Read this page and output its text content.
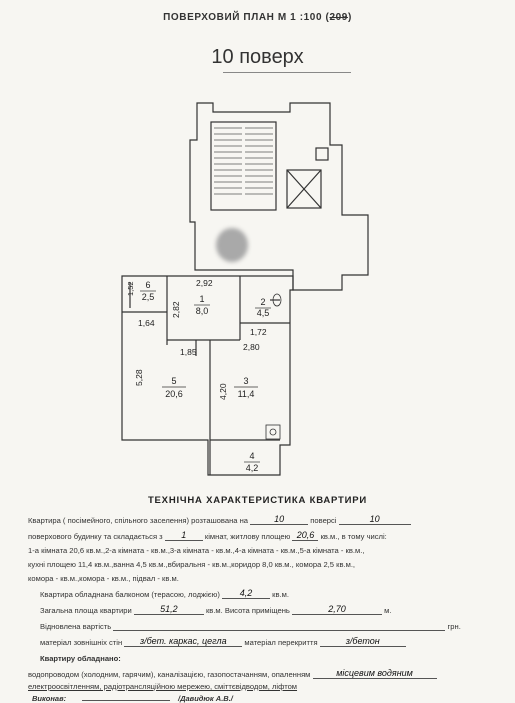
ПОВЕРХОВИЙ ПЛАН М 1 :100 (209)
10 поверх
2,92
1,52
2,82
1,64
1,85
1,72
2,80
5,28
4,20
6
2,5	1
8,0
2
4,5
5
20,6
3
11,4
4
4,2
ТЕХНІЧНА ХАРАКТЕРИСТИКА КВАРТИРИ
Квартира ( посімейного, спільного заселення) розташована на	10	поверсі	10
поверхового будинку та складається з 1 кімнат, житлову площею 20,6 кв.м., в тому числі:
1-а кімната 20,6 кв.м.,2-а кімната - кв.м.,3-а кімната - кв.м.,4-а кімната - кв.м.,5-а кімната - кв.м.,
кухні площею 11,4 кв.м.,ванна 4,5 кв.м.,вбиральня - кв.м.,коридор 8,0 кв.м., комора 2,5 кв.м.,
комора - кв.м.,комора - кв.м., підвал - кв.м.
Квартира обладнана балконом (терасою, лоджією) 4,2	кв.м.
Загальна площа квартири	51,2	кв.м. Висота приміщень	2,70	м.
Відновлена вартість	грн.
матеріал зовнішніх стін з/бет. каркас, цегла матеріал перекриття	з/бетон
Квартиру обладнано:
водопроводом (холодним, гарячим), каналізацією, газопостачанням, опаленням	місцевим водяним
електроосвітленням, радіотрансляційною мережею, сміттєвідводом, ліфтом
Виконав:	/Давидюк А.В./
